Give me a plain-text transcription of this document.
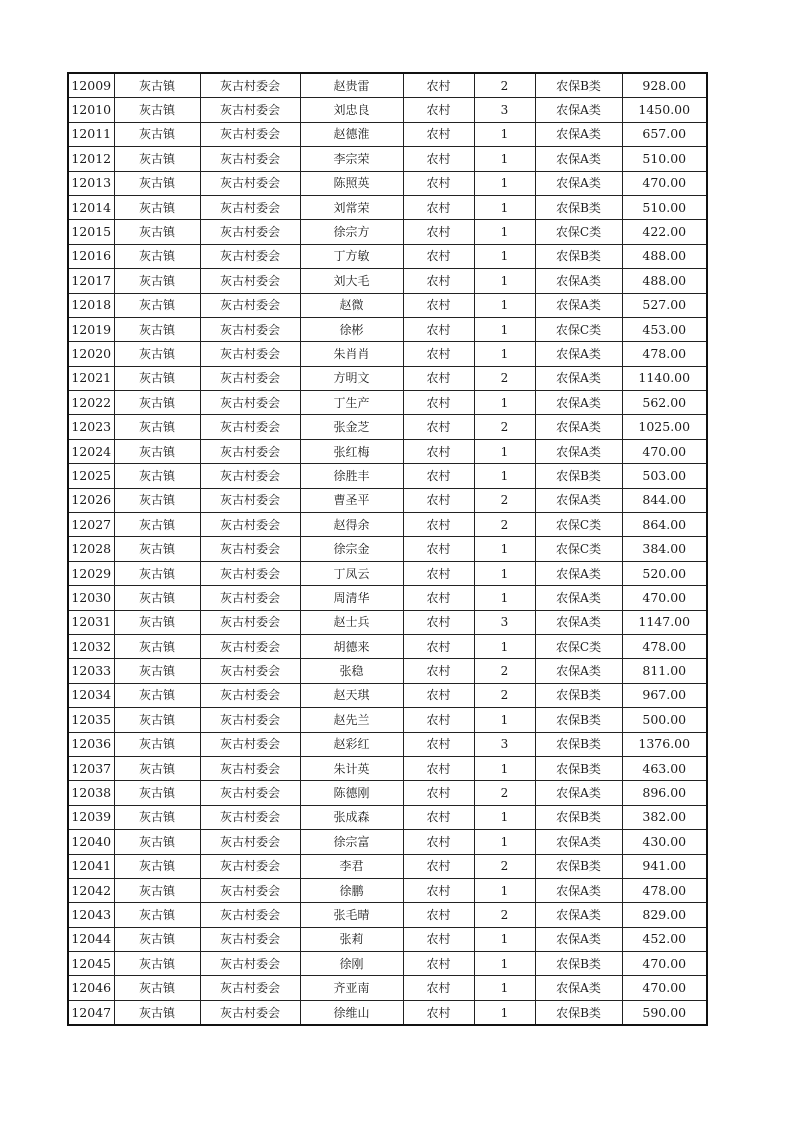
12009	灰古镇	灰古村委会	赵贵雷	农村	2	农保B类	928.00
12010	灰古镇	灰古村委会	刘忠良	农村	3	农保A类	1450.00
12011	灰古镇	灰古村委会	赵德淮	农村	1	农保A类	657.00
12012	灰古镇	灰古村委会	李宗荣	农村	1	农保A类	510.00
12013	灰古镇	灰古村委会	陈照英	农村	1	农保A类	470.00
12014	灰古镇	灰古村委会	刘常荣	农村	1	农保B类	510.00
12015	灰古镇	灰古村委会	徐宗方	农村	1	农保C类	422.00
12016	灰古镇	灰古村委会	丁方敏	农村	1	农保B类	488.00
12017	灰古镇	灰古村委会	刘大毛	农村	1	农保A类	488.00
12018	灰古镇	灰古村委会	赵微	农村	1	农保A类	527.00
12019	灰古镇	灰古村委会	徐彬	农村	1	农保C类	453.00
12020	灰古镇	灰古村委会	朱肖肖	农村	1	农保A类	478.00
12021	灰古镇	灰古村委会	方明文	农村	2	农保A类	1140.00
12022	灰古镇	灰古村委会	丁生产	农村	1	农保A类	562.00
12023	灰古镇	灰古村委会	张金芝	农村	2	农保A类	1025.00
12024	灰古镇	灰古村委会	张红梅	农村	1	农保A类	470.00
12025	灰古镇	灰古村委会	徐胜丰	农村	1	农保B类	503.00
12026	灰古镇	灰古村委会	曹圣平	农村	2	农保A类	844.00
12027	灰古镇	灰古村委会	赵得余	农村	2	农保C类	864.00
12028	灰古镇	灰古村委会	徐宗金	农村	1	农保C类	384.00
12029	灰古镇	灰古村委会	丁凤云	农村	1	农保A类	520.00
12030	灰古镇	灰古村委会	周清华	农村	1	农保A类	470.00
12031	灰古镇	灰古村委会	赵士兵	农村	3	农保A类	1147.00
12032	灰古镇	灰古村委会	胡德来	农村	1	农保C类	478.00
12033	灰古镇	灰古村委会	张稳	农村	2	农保A类	811.00
12034	灰古镇	灰古村委会	赵天琪	农村	2	农保B类	967.00
12035	灰古镇	灰古村委会	赵先兰	农村	1	农保B类	500.00
12036	灰古镇	灰古村委会	赵彩红	农村	3	农保B类	1376.00
12037	灰古镇	灰古村委会	朱计英	农村	1	农保B类	463.00
12038	灰古镇	灰古村委会	陈德刚	农村	2	农保A类	896.00
12039	灰古镇	灰古村委会	张成森	农村	1	农保B类	382.00
12040	灰古镇	灰古村委会	徐宗富	农村	1	农保A类	430.00
12041	灰古镇	灰古村委会	李君	农村	2	农保B类	941.00
12042	灰古镇	灰古村委会	徐鹏	农村	1	农保A类	478.00
12043	灰古镇	灰古村委会	张毛晴	农村	2	农保A类	829.00
12044	灰古镇	灰古村委会	张莉	农村	1	农保A类	452.00
12045	灰古镇	灰古村委会	徐刚	农村	1	农保B类	470.00
12046	灰古镇	灰古村委会	齐亚南	农村	1	农保A类	470.00
12047	灰古镇	灰古村委会	徐维山	农村	1	农保B类	590.00
